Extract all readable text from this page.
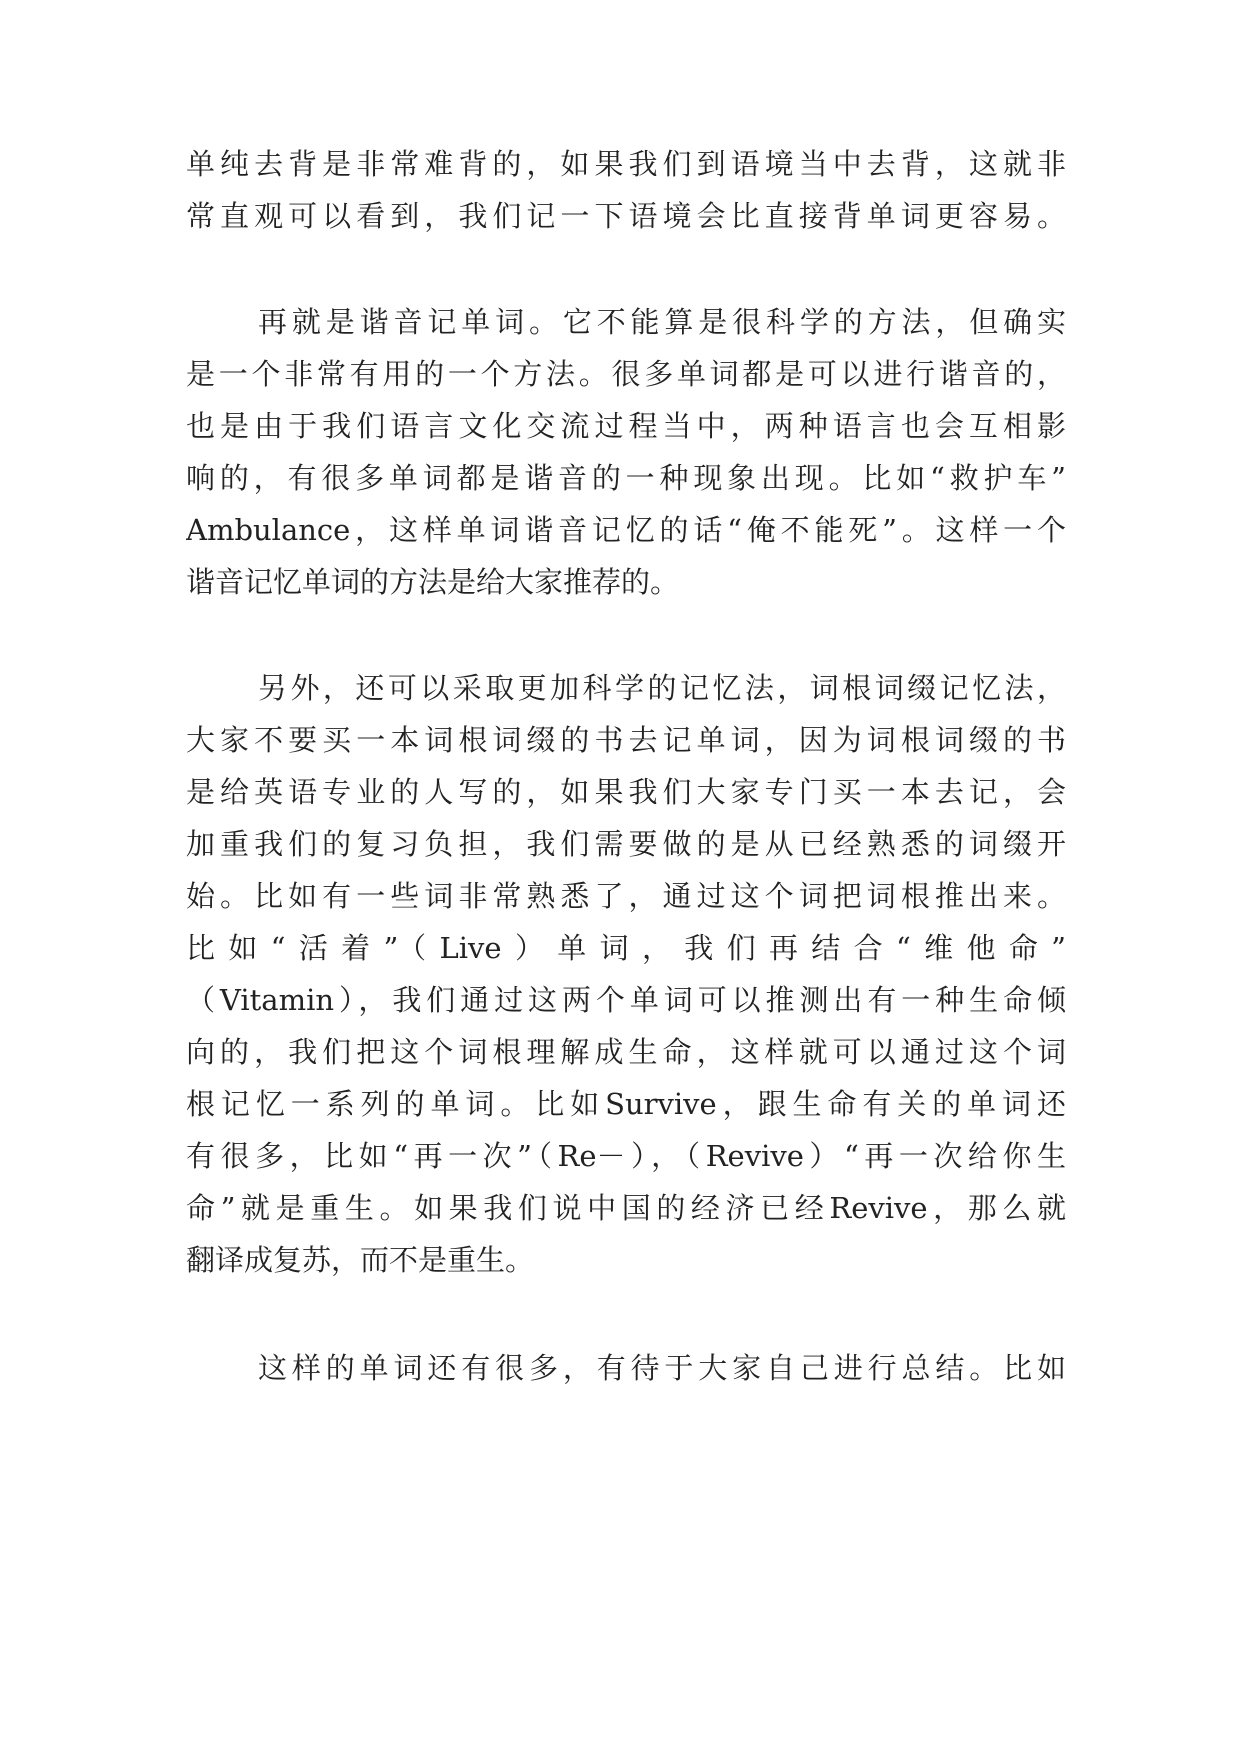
单纯去背是非常难背的，如果我们到语境当中去背，这就非
常直观可以看到，我们记一下语境会比直接背单词更容易。
再就是谐音记单词。它不能算是很科学的方法，但确实
是一个非常有用的一个方法。很多单词都是可以进行谐音的，
也是由于我们语言文化交流过程当中，两种语言也会互相影
响的，有很多单词都是谐音的一种现象出现。比如“救护车”
Ambulance，这样单词谐音记忆的话“俺不能死”。这样一个
谐音记忆单词的方法是给大家推荐的。
另外，还可以采取更加科学的记忆法，词根词缀记忆法，
大家不要买一本词根词缀的书去记单词，因为词根词缀的书
是给英语专业的人写的，如果我们大家专门买一本去记，会
加重我们的复习负担，我们需要做的是从已经熟悉的词缀开
始。比如有一些词非常熟悉了，通过这个词把词根推出来。
比如“活着”（Live）单词，我们再结合“维他命”
（Vitamin），我们通过这两个单词可以推测出有一种生命倾
向的，我们把这个词根理解成生命，这样就可以通过这个词
根记忆一系列的单词。比如Survive，跟生命有关的单词还
有很多，比如“再一次”（Re－），（Revive）“再一次给你生
命”就是重生。如果我们说中国的经济已经Revive，那么就
翻译成复苏，而不是重生。
这样的单词还有很多，有待于大家自己进行总结。比如
